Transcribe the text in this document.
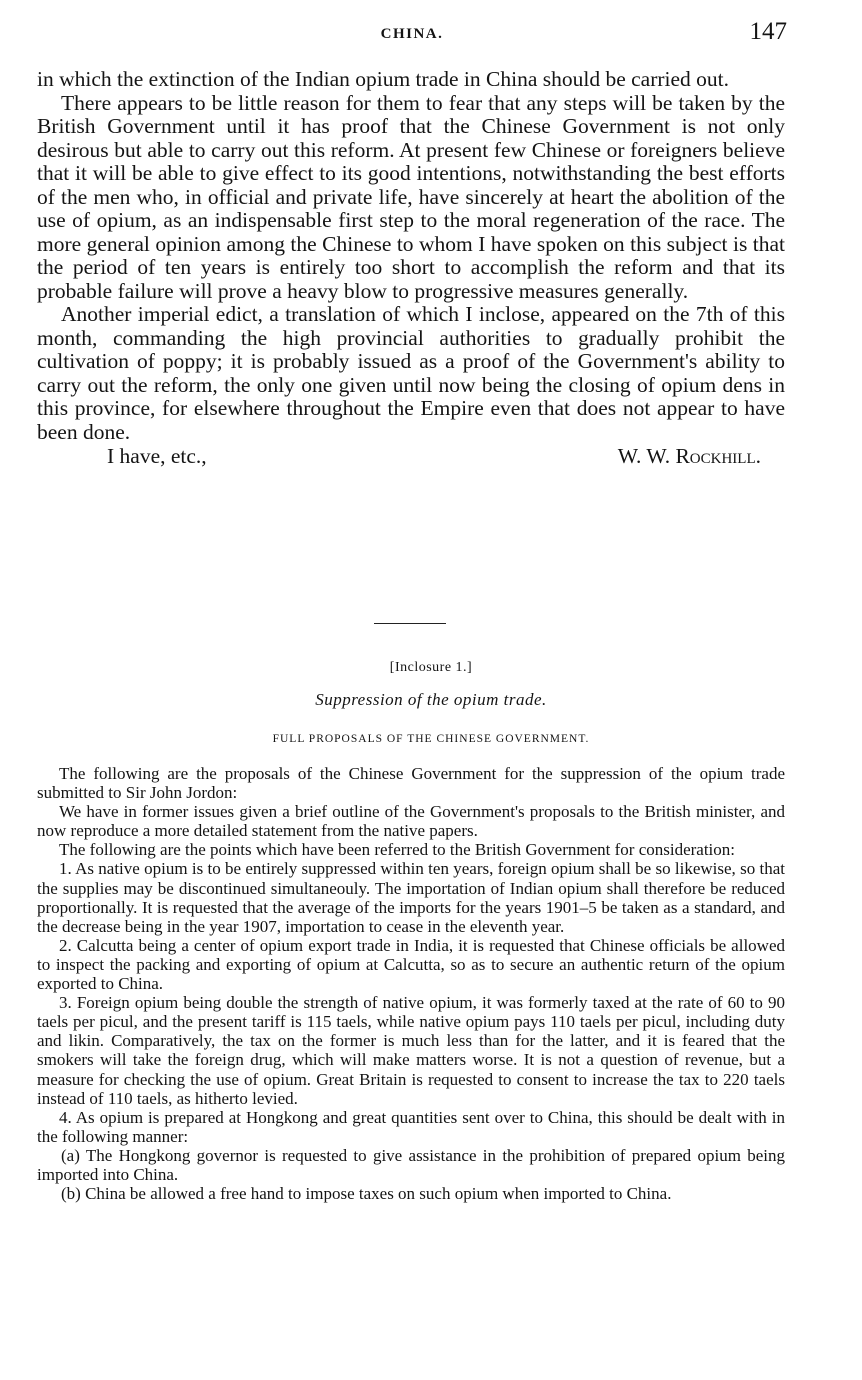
CHINA.	147

in which the extinction of the Indian opium trade in China should be carried out.

There appears to be little reason for them to fear that any steps will be taken by the British Government until it has proof that the Chinese Government is not only desirous but able to carry out this reform. At present few Chinese or foreigners believe that it will be able to give effect to its good intentions, notwithstanding the best efforts of the men who, in official and private life, have sincerely at heart the abolition of the use of opium, as an indispensable first step to the moral regeneration of the race. The more general opinion among the Chinese to whom I have spoken on this subject is that the period of ten years is entirely too short to accomplish the reform and that its probable failure will prove a heavy blow to progressive measures generally.

Another imperial edict, a translation of which I inclose, appeared on the 7th of this month, commanding the high provincial authorities to gradually prohibit the cultivation of poppy; it is probably issued as a proof of the Government's ability to carry out the reform, the only one given until now being the closing of opium dens in this province, for elsewhere throughout the Empire even that does not appear to have been done.

I have, etc.,	W. W. Rockhill.
[Inclosure 1.]
Suppression of the opium trade.
FULL PROPOSALS OF THE CHINESE GOVERNMENT.

The following are the proposals of the Chinese Government for the suppression of the opium trade submitted to Sir John Jordon:

We have in former issues given a brief outline of the Government's proposals to the British minister, and now reproduce a more detailed statement from the native papers.

The following are the points which have been referred to the British Government for consideration:

1. As native opium is to be entirely suppressed within ten years, foreign opium shall be so likewise, so that the supplies may be discontinued simultaneouly. The importation of Indian opium shall therefore be reduced proportionally. It is requested that the average of the imports for the years 1901–5 be taken as a standard, and the decrease being in the year 1907, importation to cease in the eleventh year.

2. Calcutta being a center of opium export trade in India, it is requested that Chinese officials be allowed to inspect the packing and exporting of opium at Calcutta, so as to secure an authentic return of the opium exported to China.

3. Foreign opium being double the strength of native opium, it was formerly taxed at the rate of 60 to 90 taels per picul, and the present tariff is 115 taels, while native opium pays 110 taels per picul, including duty and likin. Comparatively, the tax on the former is much less than for the latter, and it is feared that the smokers will take the foreign drug, which will make matters worse. It is not a question of revenue, but a measure for checking the use of opium. Great Britain is requested to consent to increase the tax to 220 taels instead of 110 taels, as hitherto levied.

4. As opium is prepared at Hongkong and great quantities sent over to China, this should be dealt with in the following manner:

(a) The Hongkong governor is requested to give assistance in the prohibition of prepared opium being imported into China.

(b) China be allowed a free hand to impose taxes on such opium when imported to China.
